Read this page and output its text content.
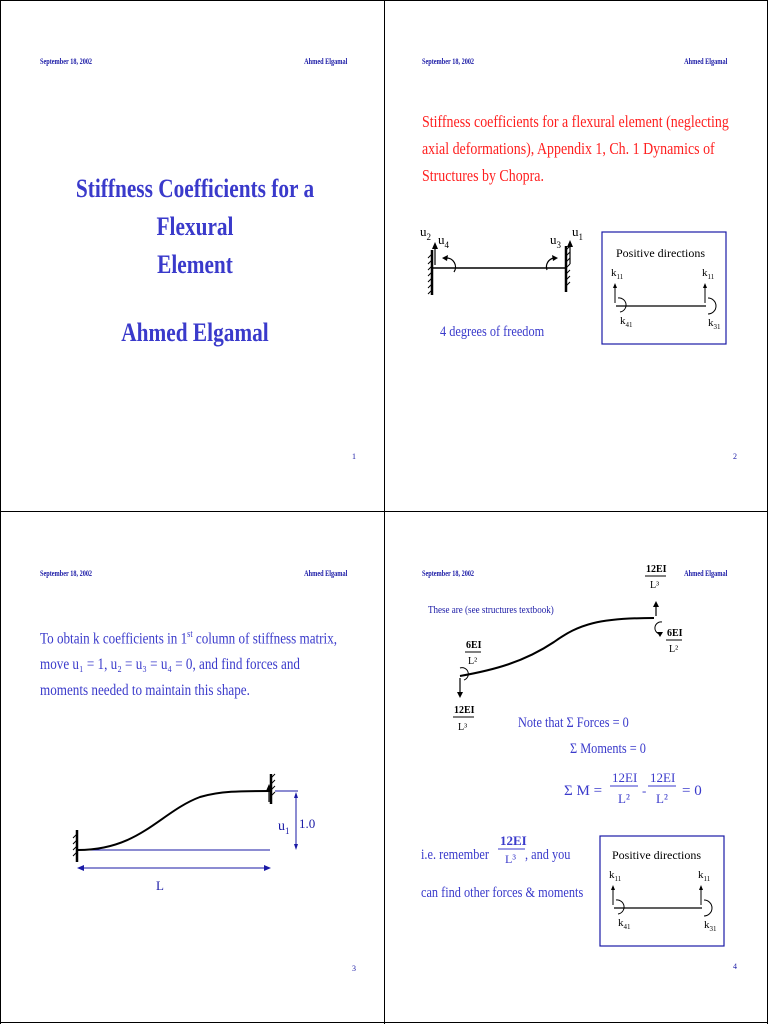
September 18, 2002	Ahmed Elgamal
Stiffness Coefficients for a Flexural
Element
Ahmed Elgamal
1
September 18, 2002	Ahmed Elgamal
Stiffness coefficients for a flexural element (neglecting
axial deformations), Appendix 1, Ch. 1 Dynamics of
Structures by Chopra.
$u_2$ $u_4$	$u_3$
$u_1$
Positive directions
$k_{11}$	$k_{11}$
$k_{41}$	$k_{31}$
4 degrees of freedom
2
September 18, 2002	Ahmed Elgamal
To obtain k coefficients in 1st column of stiffness matrix,
move u₁ = 1, u₂ = u₃ = u₄ = 0, and find forces and
moments needed to maintain this shape.
$u_1$ 1.0
L
3
September 18, 2002	Ahmed Elgamal
These are (see structures textbook)
12EI
L³
6EI
L²
6EI
L²
12EI
L³
Σ M =
12EI
L²
-
12EI
L² = 0
12EI
L³	Positive directions
$k_{11}$	$k_{11}$
$k_{41}$	$k_{31}$
Note that Σ Forces = 0
Σ Moments = 0
i.e. remember , and you
can find other forces & moments
4
